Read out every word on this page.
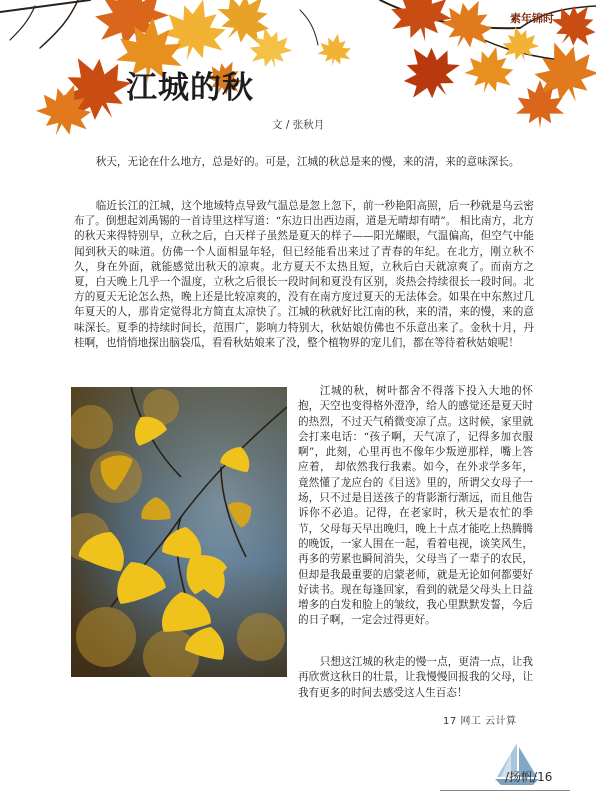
素年锦时
江城的秋
文 / 张秋月
秋天，无论在什么地方，总是好的。可是，江城的秋总是来的慢，来的清，来的意味深长。
临近长江的江城，这个地域特点导致气温总是忽上忽下，前一秒艳阳高照，后一秒就是乌云密布了。倒想起刘禹锡的一首诗里这样写道：“东边日出西边雨，道是无晴却有晴”。 相比南方，北方的秋天来得特别早，立秋之后，白天样子虽然是夏天的样子——阳光耀眼，气温偏高，但空气中能闻到秋天的味道。仿佛一个人面相显年轻，但已经能看出来过了青春的年纪。在北方，刚立秋不久，身在外面，就能感觉出秋天的凉爽。北方夏天不太热且短，立秋后白天就凉爽了。而南方之夏，白天晚上几乎一个温度，立秋之后很长一段时间和夏没有区别，炎热会持续很长一段时间。北方的夏天无论怎么热，晚上还是比较凉爽的，没有在南方度过夏天的无法体会。如果在中东熬过几年夏天的人，那肯定觉得北方简直太凉快了。江城的秋就好比江南的秋，来的清，来的慢，来的意味深长。夏季的持续时间长，范围广，影响力特别大，秋姑娘仿佛也不乐意出来了。金秋十月，丹桂啊，也悄悄地探出脑袋瓜，看看秋姑娘来了没，整个植物界的宠儿们，都在等待着秋姑娘呢！
江城的秋，树叶都舍不得落下投入大地的怀抱，天空也变得格外澄净，给人的感觉还是夏天时的热烈，不过天气稍微变凉了点。这时候，家里就会打来电话：“孩子啊，天气凉了，记得多加衣服啊”，此刻，心里再也不像年少叛逆那样，嘴上答应着， 却依然我行我素。如今，在外求学多年，竟然懂了龙应台的《目送》里的，所谓父女母子一场，只不过是目送孩子的背影渐行渐远，而且他告诉你不必追。记得，在老家时，秋天是农忙的季节，父母每天早出晚归，晚上十点才能吃上热腾腾的晚饭，一家人围在一起，看着电视，谈笑风生，再多的劳累也瞬间消失，父母当了一辈子的农民，但却是我最重要的启蒙老师，就是无论如何都要好好读书。现在每逢回家，看到的就是父母头上日益增多的白发和脸上的皱纹，我心里默默发誓，今后的日子啊，一定会过得更好。
只想这江城的秋走的慢一点，更清一点，让我再欣赏这秋日的壮景，让我慢慢回报我的父母，让我有更多的时间去感受这人生百态！
17 网工 云计算
/扬帆/16
